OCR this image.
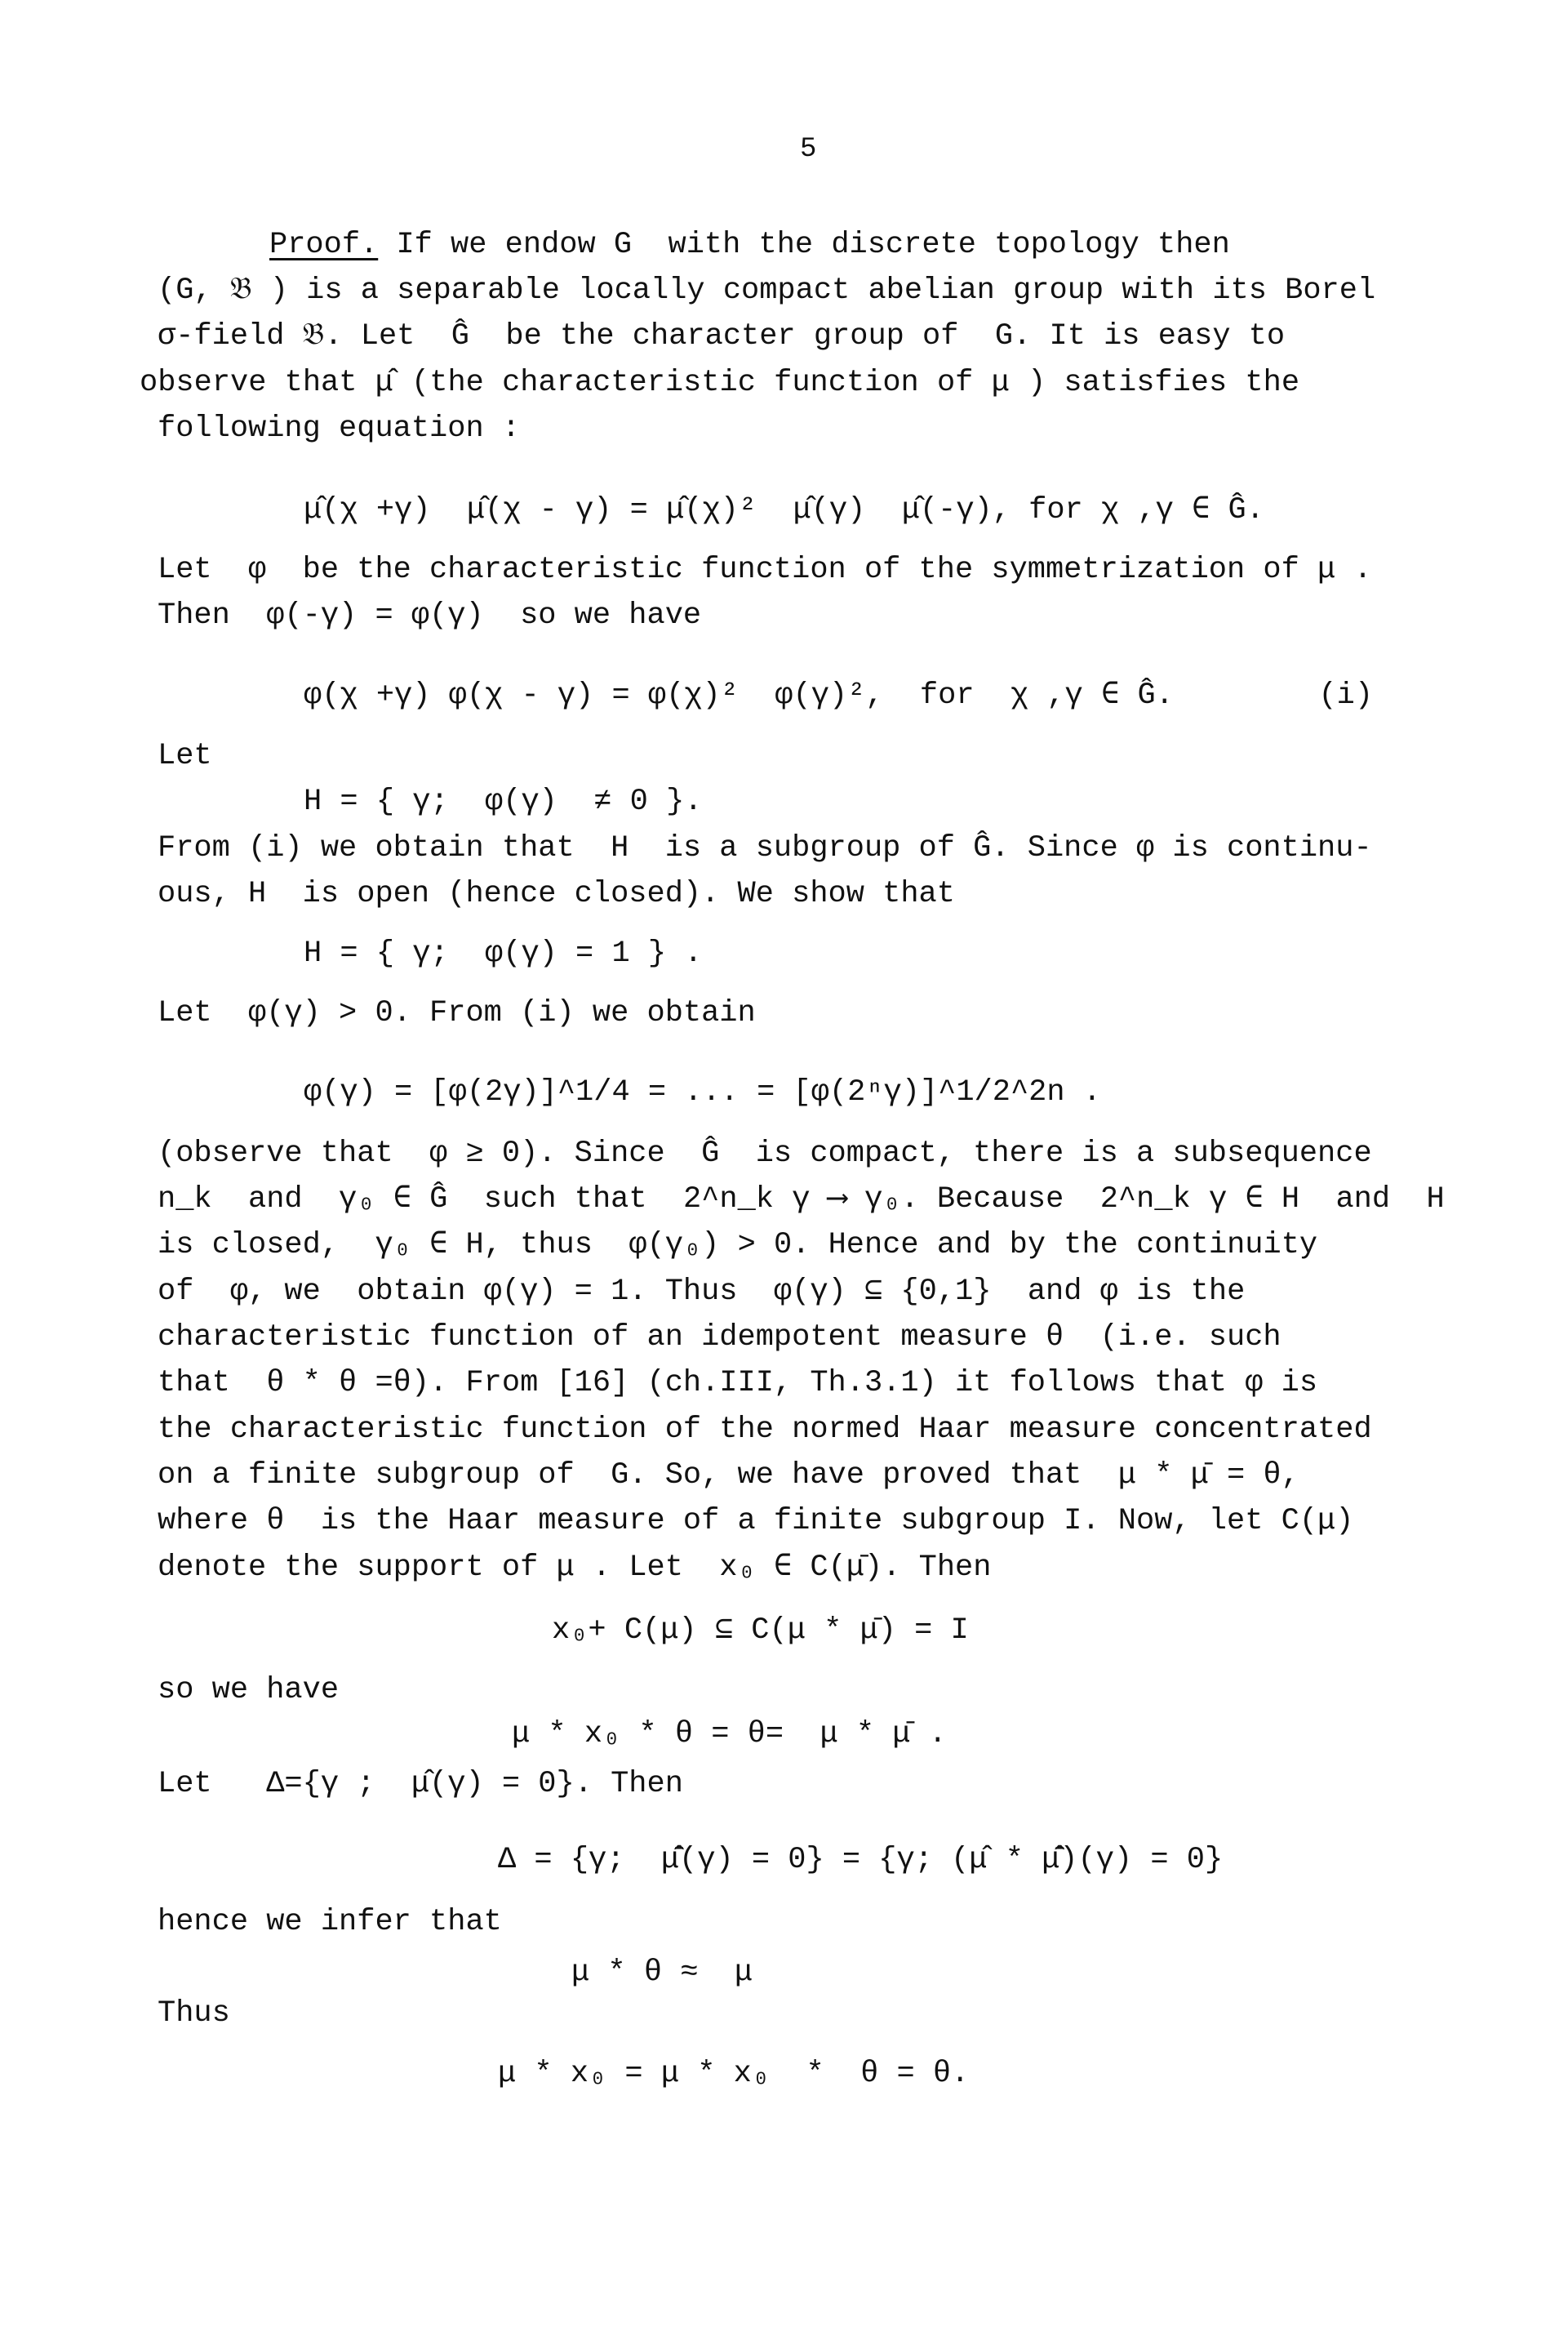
5
Proof. If we endow G  with the discrete topology then
(G, 𝔅 ) is a separable locally compact abelian group with its Borel
σ-field 𝔅. Let  Ĝ  be the character group of  G. It is easy to
observe that μ̂ (the characteristic function of μ ) satisfies the
following equation :
μ̂(χ +γ)  μ̂(χ - γ) = μ̂(χ)²  μ̂(γ)  μ̂(-γ), for χ ,γ ∈ Ĝ.
Let  φ  be the characteristic function of the symmetrization of μ .
Then  φ(-γ) = φ(γ)  so we have
φ(χ +γ) φ(χ - γ) = φ(χ)²  φ(γ)²,  for  χ ,γ ∈ Ĝ.        (i)
Let
H = { γ;  φ(γ)  ≠ 0 }.
From (i) we obtain that  H  is a subgroup of Ĝ. Since φ is continu-
ous, H  is open (hence closed). We show that
H = { γ;  φ(γ) = 1 } .
Let  φ(γ) > 0. From (i) we obtain
φ(γ) = [φ(2γ)]^1/4 = ... = [φ(2ⁿγ)]^1/2^2n .
(observe that  φ ≥ 0). Since  Ĝ  is compact, there is a subsequence
n_k  and  γ₀ ∈ Ĝ  such that  2^n_k γ ⟶ γ₀. Because  2^n_k γ ∈ H  and  H
is closed,  γ₀ ∈ H, thus  φ(γ₀) > 0. Hence and by the continuity
of  φ, we  obtain φ(γ) = 1. Thus  φ(γ) ⊆ {0,1}  and φ is the
characteristic function of an idempotent measure θ  (i.e. such
that  θ * θ =θ). From [16] (ch.III, Th.3.1) it follows that φ is
the characteristic function of the normed Haar measure concentrated
on a finite subgroup of  G. So, we have proved that  μ * μ̄ = θ,
where θ  is the Haar measure of a finite subgroup I. Now, let C(μ)
denote the support of μ . Let  x₀ ∈ C(μ̄). Then
x₀+ C(μ) ⊆ C(μ * μ̄) = I
so we have
μ * x₀ * θ = θ=  μ * μ̄ .
Let   Δ={γ ;  μ̂(γ) = 0}. Then
Δ = {γ;  μ̄̂(γ) = 0} = {γ; (μ̂ * μ̄̂)(γ) = 0}
hence we infer that
μ * θ ≈  μ
Thus
μ * x₀ = μ * x₀  *  θ = θ.
